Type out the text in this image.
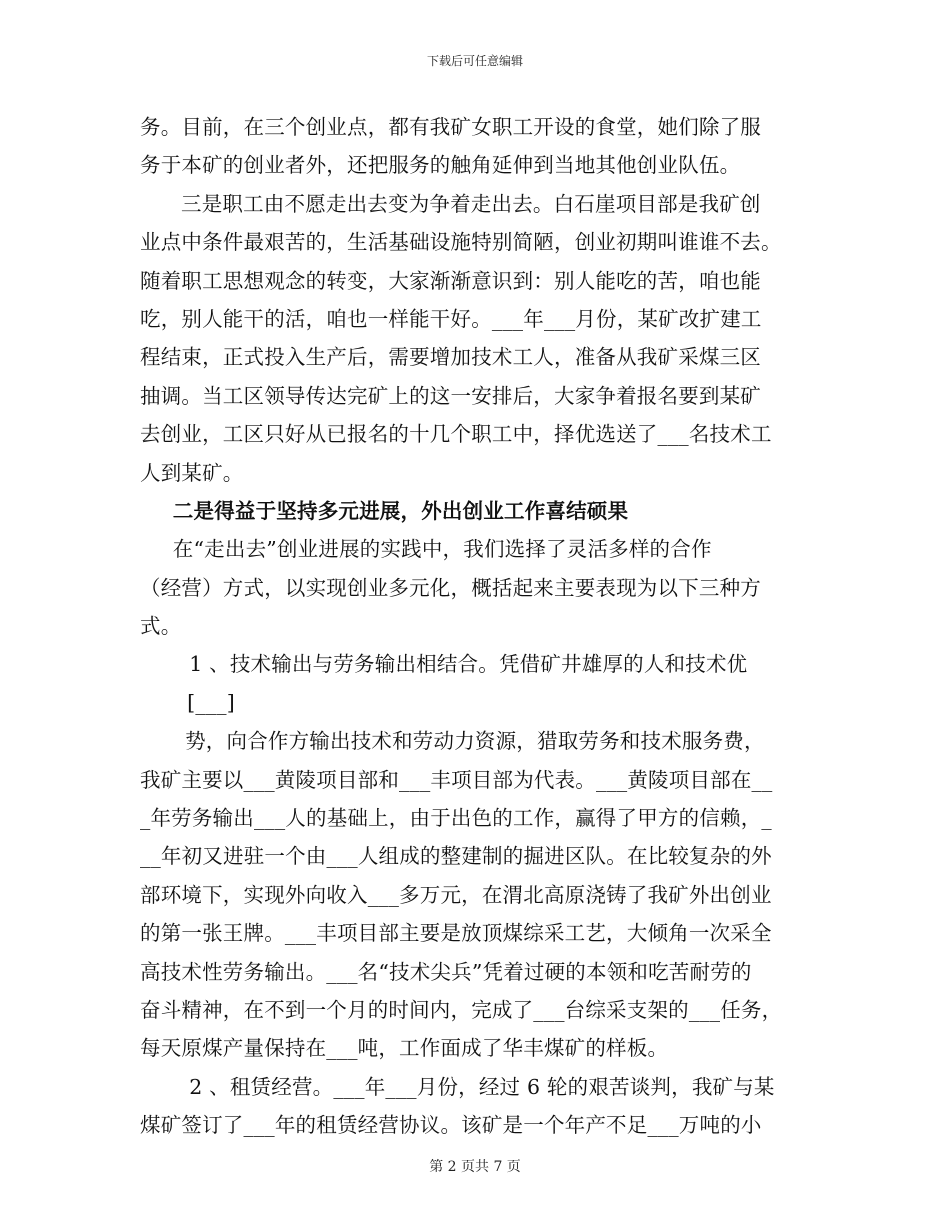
下载后可任意编辑
务。目前，在三个创业点，都有我矿女职工开设的食堂，她们除了服
务于本矿的创业者外，还把服务的触角延伸到当地其他创业队伍。
三是职工由不愿走出去变为争着走出去。白石崖项目部是我矿创
业点中条件最艰苦的，生活基础设施特别简陋，创业初期叫谁谁不去。
随着职工思想观念的转变，大家渐渐意识到：别人能吃的苦，咱也能
吃，别人能干的活，咱也一样能干好。___年___月份，某矿改扩建工
程结束，正式投入生产后，需要增加技术工人，准备从我矿采煤三区
抽调。当工区领导传达完矿上的这一安排后，大家争着报名要到某矿
去创业，工区只好从已报名的十几个职工中，择优选送了___名技术工
人到某矿。
二是得益于坚持多元进展，外出创业工作喜结硕果
在“走出去”创业进展的实践中，我们选择了灵活多样的合作
（经营）方式，以实现创业多元化，概括起来主要表现为以下三种方
式。
1 、技术输出与劳务输出相结合。凭借矿井雄厚的人和技术优
[___]
势，向合作方输出技术和劳动力资源，猎取劳务和技术服务费，
我矿主要以___黄陵项目部和___丰项目部为代表。___黄陵项目部在__
_年劳务输出___人的基础上，由于出色的工作，赢得了甲方的信赖，_
__年初又进驻一个由___人组成的整建制的掘进区队。在比较复杂的外
部环境下，实现外向收入___多万元，在渭北高原浇铸了我矿外出创业
的第一张王牌。___丰项目部主要是放顶煤综采工艺，大倾角一次采全
高技术性劳务输出。___名“技术尖兵”凭着过硬的本领和吃苦耐劳的
奋斗精神，在不到一个月的时间内，完成了___台综采支架的___任务，
每天原煤产量保持在___吨，工作面成了华丰煤矿的样板。
2 、租赁经营。___年___月份，经过 6 轮的艰苦谈判，我矿与某
煤矿签订了___年的租赁经营协议。该矿是一个年产不足___万吨的小
第 2 页共 7 页
